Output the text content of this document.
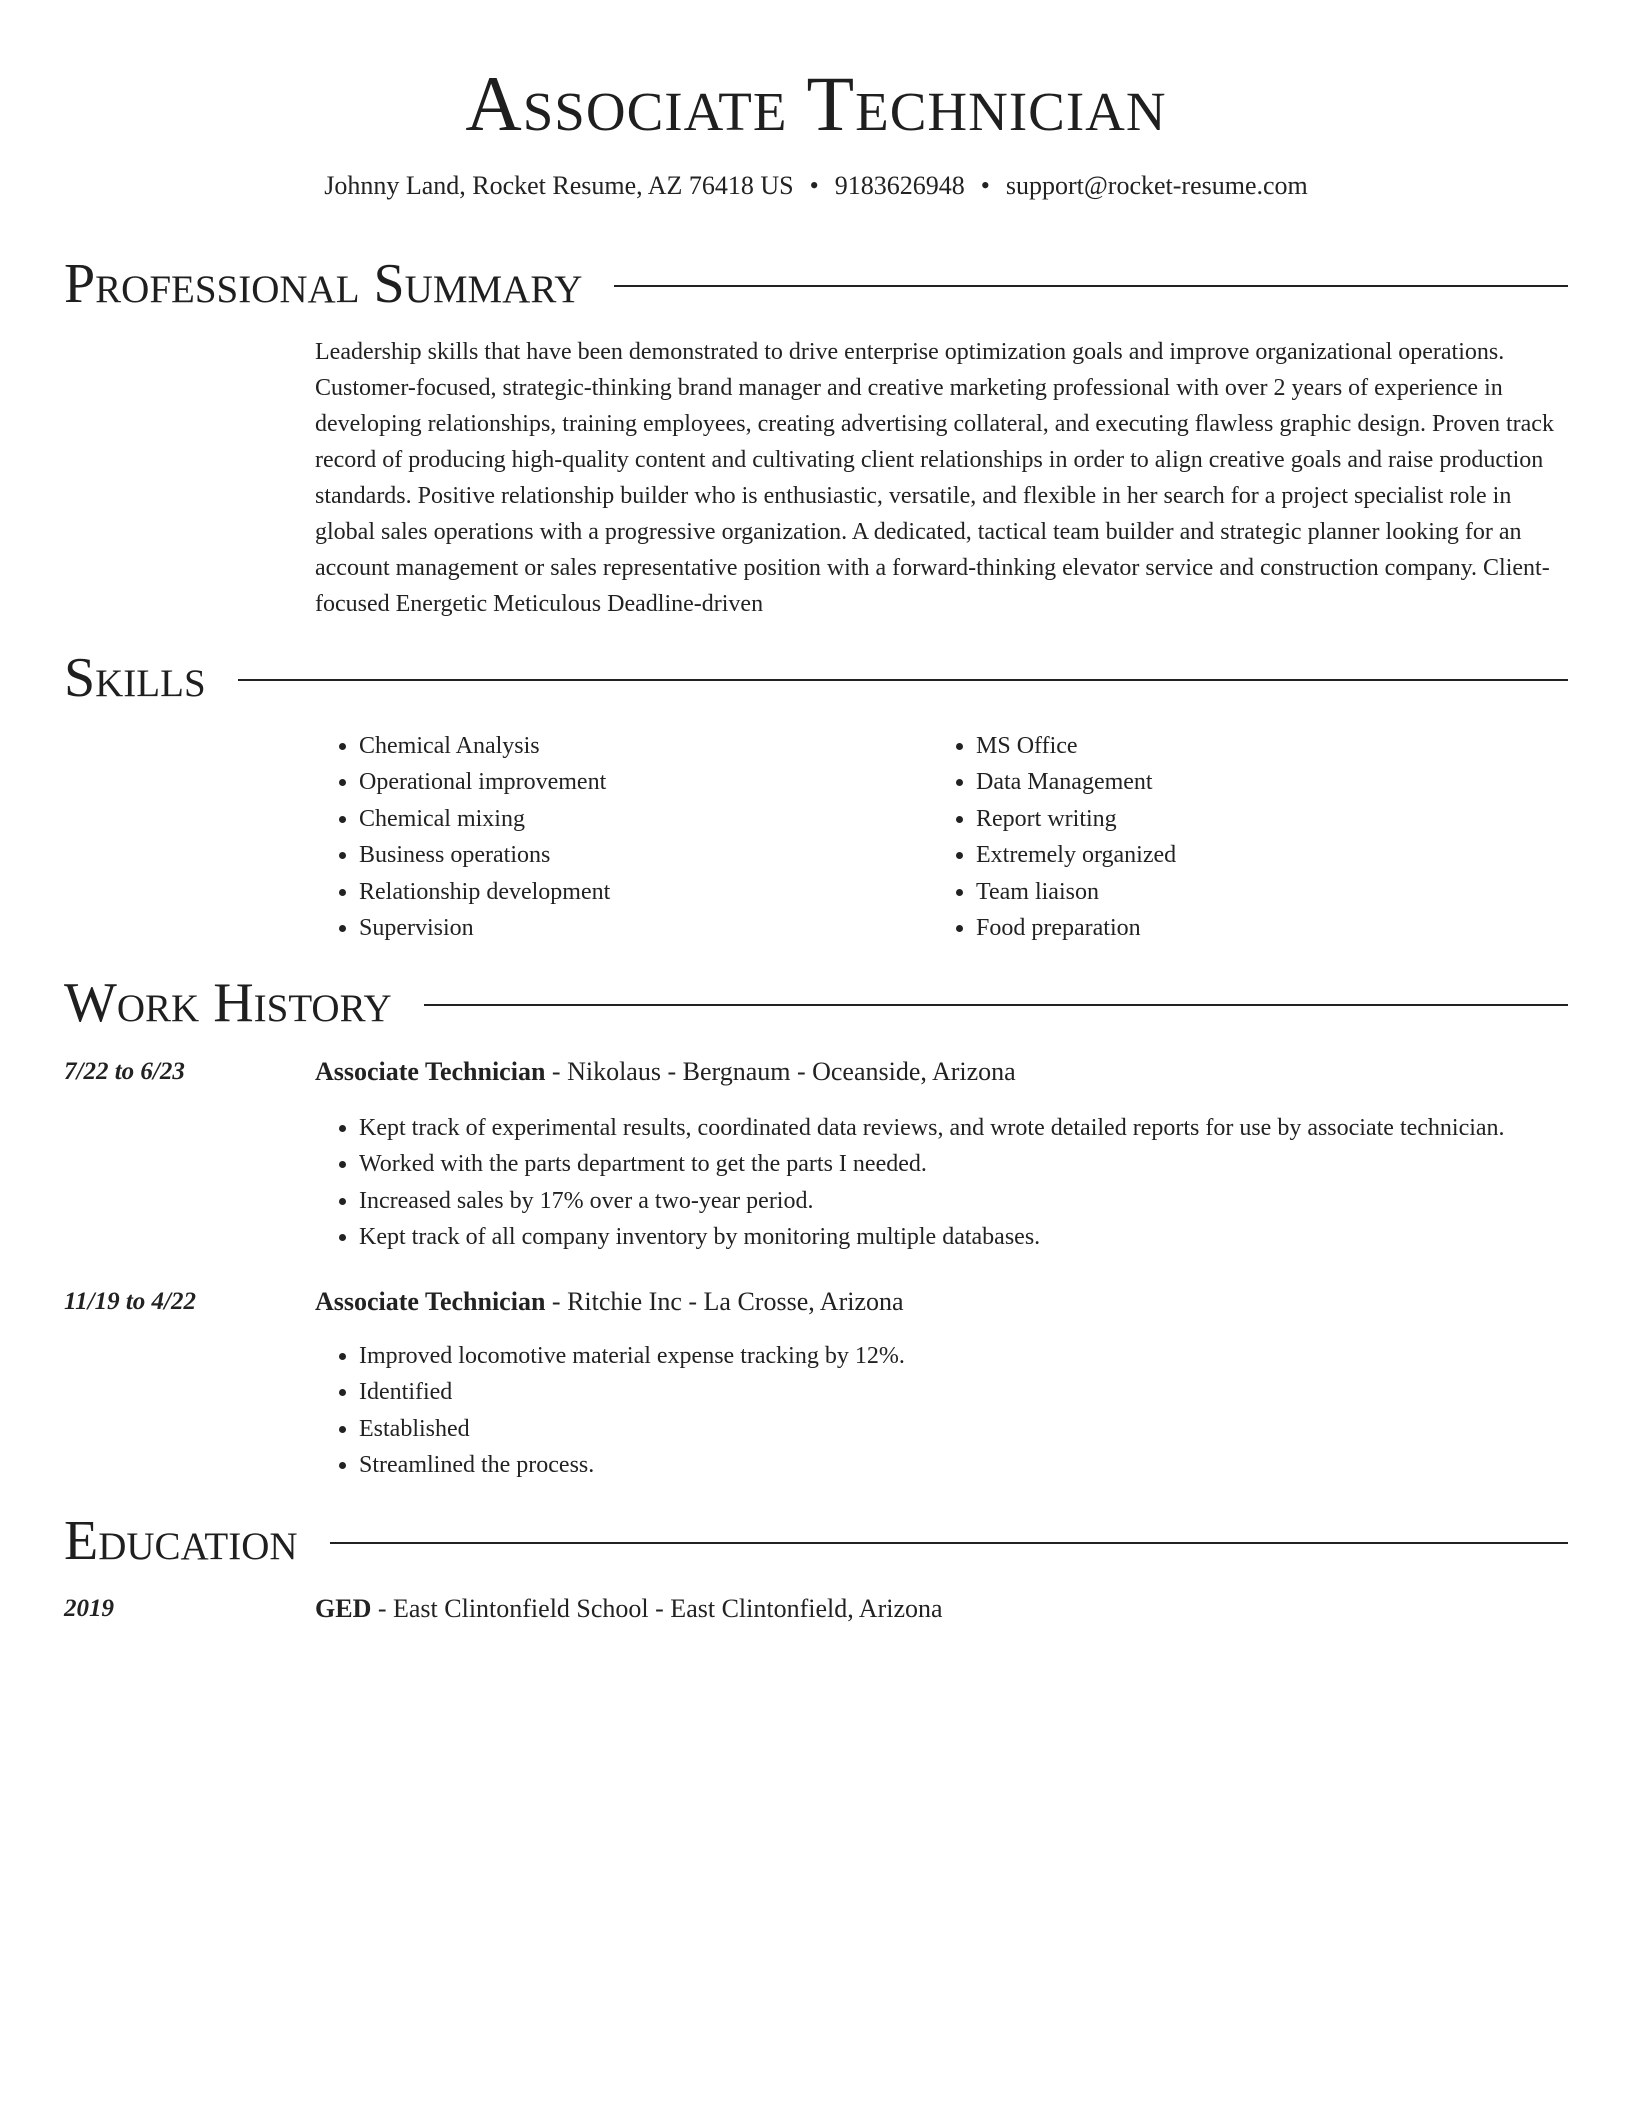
Associate Technician
Johnny Land, Rocket Resume, AZ 76418 US • 9183626948 • support@rocket-resume.com
Professional Summary

Leadership skills that have been demonstrated to drive enterprise optimization goals and improve organizational operations. Customer-focused, strategic-thinking brand manager and creative marketing professional with over 2 years of experience in developing relationships, training employees, creating advertising collateral, and executing flawless graphic design. Proven track record of producing high-quality content and cultivating client relationships in order to align creative goals and raise production standards. Positive relationship builder who is enthusiastic, versatile, and flexible in her search for a project specialist role in global sales operations with a progressive organization. A dedicated, tactical team builder and strategic planner looking for an account management or sales representative position with a forward-thinking elevator service and construction company. Client-focused Energetic Meticulous Deadline-driven

Skills
• Chemical Analysis
• Operational improvement
• Chemical mixing
• Business operations
• Relationship development
• Supervision
• MS Office
• Data Management
• Report writing
• Extremely organized
• Team liaison
• Food preparation
Work History
7/22 to 6/23	Associate Technician - Nikolaus - Bergnaum - Oceanside, Arizona
• Kept track of experimental results, coordinated data reviews, and wrote detailed reports for use by associate technician.
• Worked with the parts department to get the parts I needed.
• Increased sales by 17% over a two-year period.
• Kept track of all company inventory by monitoring multiple databases.
11/19 to 4/22	Associate Technician - Ritchie Inc - La Crosse, Arizona
• Improved locomotive material expense tracking by 12%.
• Identified
• Established
• Streamlined the process.
Education
2019	GED - East Clintonfield School - East Clintonfield, Arizona
